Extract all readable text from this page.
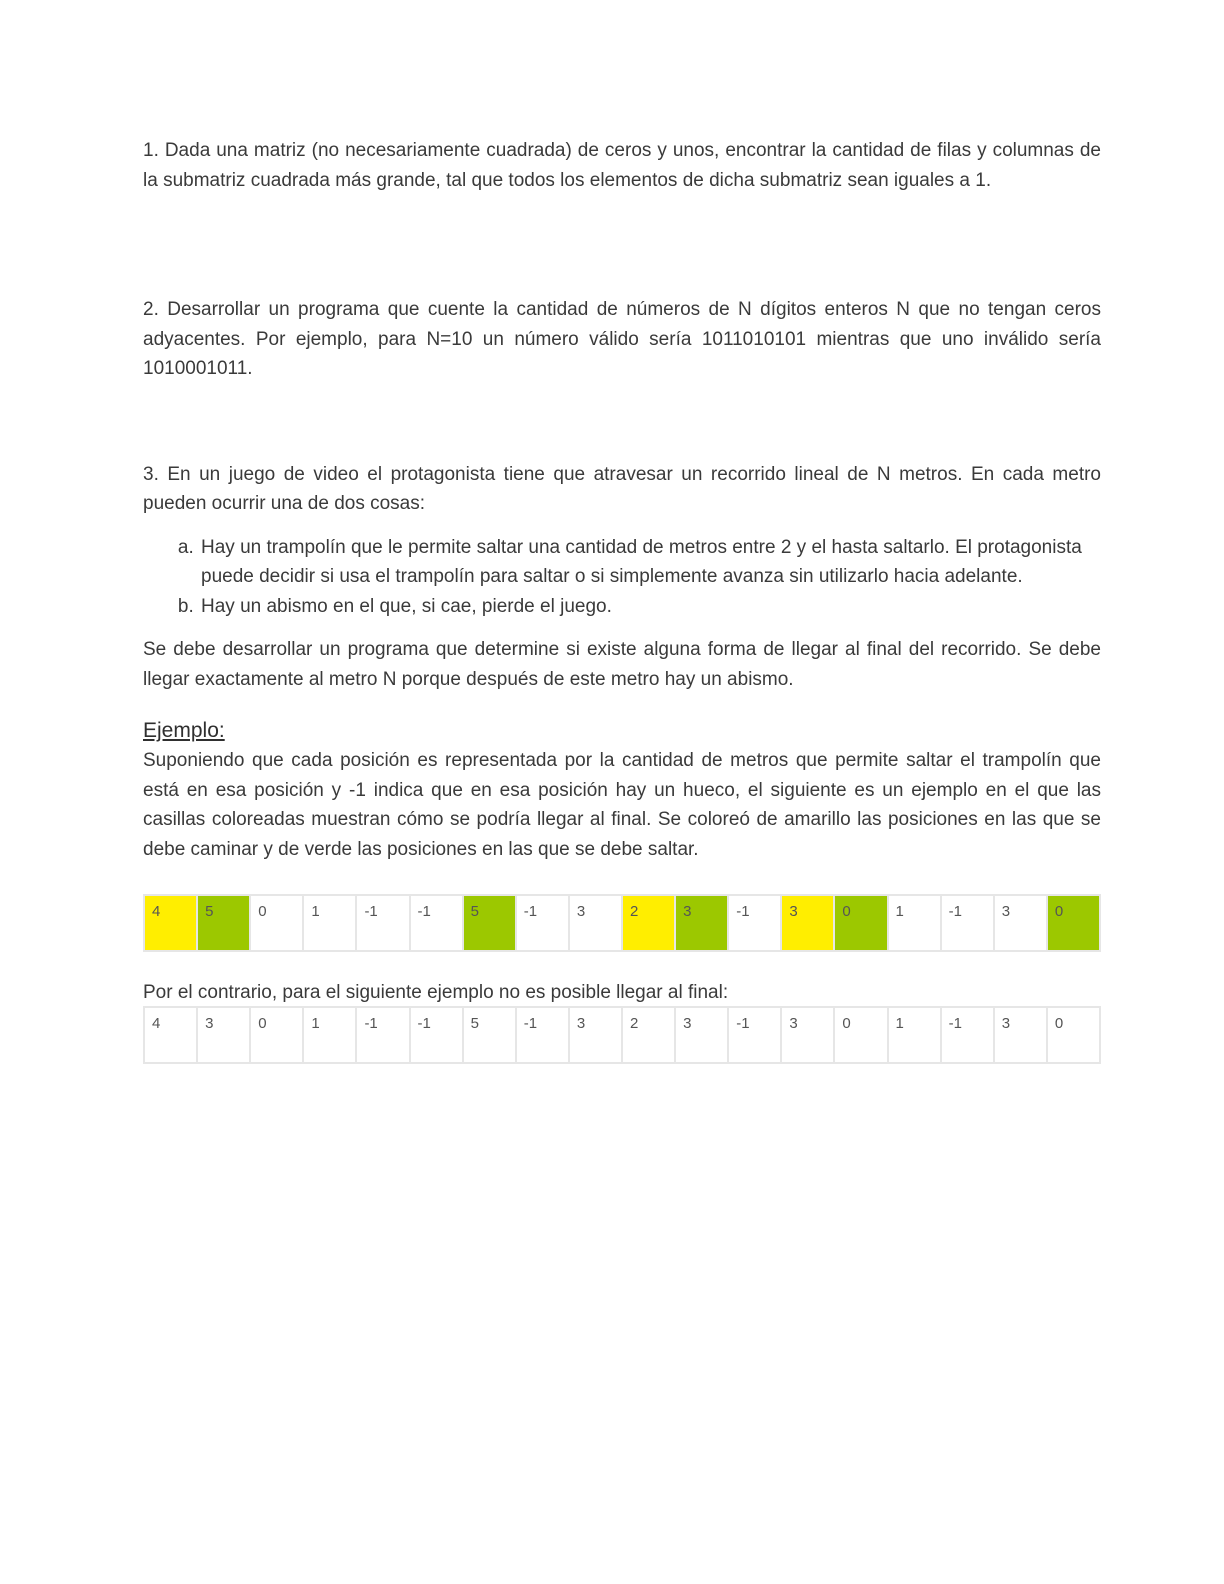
1. Dada una matriz (no necesariamente cuadrada) de ceros y unos, encontrar la cantidad de filas y columnas de la submatriz cuadrada más grande, tal que todos los elementos de dicha submatriz sean iguales a 1.

2. Desarrollar un programa que cuente la cantidad de números de N dígitos enteros N que no tengan ceros adyacentes. Por ejemplo, para N=10 un número válido sería 1011010101 mientras que uno inválido sería 1010001011.

3. En un juego de video el protagonista tiene que atravesar un recorrido lineal de N metros. En cada metro pueden ocurrir una de dos cosas:

a. Hay un trampolín que le permite saltar una cantidad de metros entre 2 y el hasta saltarlo. El protagonista puede decidir si usa el trampolín para saltar o si simplemente avanza sin utilizarlo hacia adelante.
b. Hay un abismo en el que, si cae, pierde el juego.

Se debe desarrollar un programa que determine si existe alguna forma de llegar al final del recorrido. Se debe llegar exactamente al metro N porque después de este metro hay un abismo.

Ejemplo:

Suponiendo que cada posición es representada por la cantidad de metros que permite saltar el trampolín que está en esa posición y -1 indica que en esa posición hay un hueco, el siguiente es un ejemplo en el que las casillas coloreadas muestran cómo se podría llegar al final. Se coloreó de amarillo las posiciones en las que se debe caminar y de verde las posiciones en las que se debe saltar.

4	5	0	1	-1	-1	5	-1	3	2	3	-1	3	0	1	-1	3	0
Por el contrario, para el siguiente ejemplo no es posible llegar al final:
4	3	0	1	-1	-1	5	-1	3	2	3	-1	3	0	1	-1	3	0
